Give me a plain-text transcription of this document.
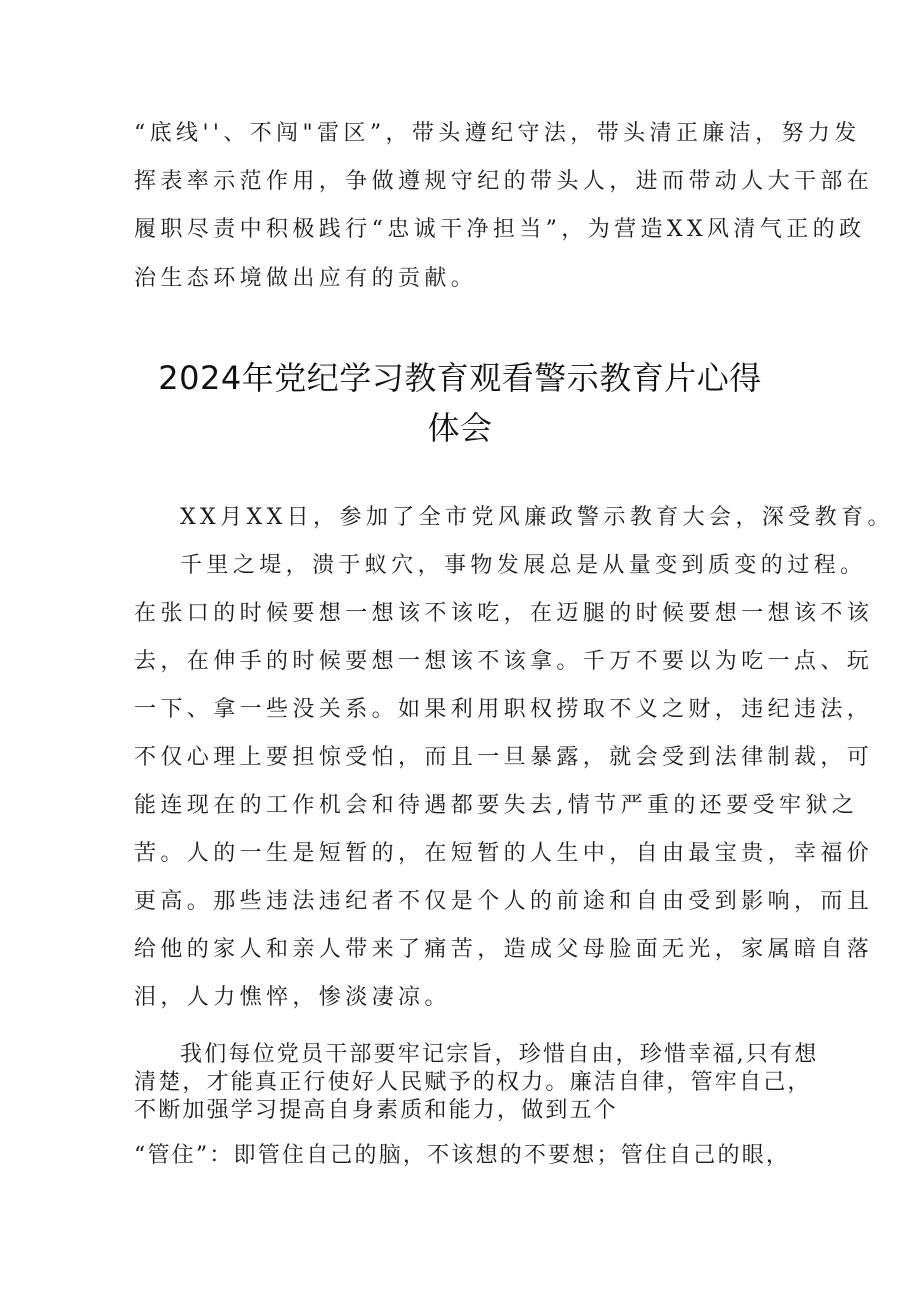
“底线''、不闯"雷区”，带头遵纪守法，带头清正廉洁，努力发
挥表率示范作用，争做遵规守纪的带头人，进而带动人大干部在
履职尽责中积极践行“忠诚干净担当”，为营造XX风清气正的政
治生态环境做出应有的贡献。
2024年党纪学习教育观看警示教育片心得
体会
XX月XX日，参加了全市党风廉政警示教育大会，深受教育。
千里之堤，溃于蚁穴，事物发展总是从量变到质变的过程。
在张口的时候要想一想该不该吃，在迈腿的时候要想一想该不该
去，在伸手的时候要想一想该不该拿。千万不要以为吃一点、玩
一下、拿一些没关系。如果利用职权捞取不义之财，违纪违法，
不仅心理上要担惊受怕，而且一旦暴露，就会受到法律制裁，可
能连现在的工作机会和待遇都要失去,情节严重的还要受牢狱之
苦。人的一生是短暂的，在短暂的人生中，自由最宝贵，幸福价
更高。那些违法违纪者不仅是个人的前途和自由受到影响，而且
给他的家人和亲人带来了痛苦，造成父母脸面无光，家属暗自落
泪，人力憔悴，惨淡凄凉。
我们每位党员干部要牢记宗旨，珍惜自由，珍惜幸福,只有想
清楚，才能真正行使好人民赋予的权力。廉洁自律，管牢自己，
不断加强学习提高自身素质和能力，做到五个
“管住”：即管住自己的脑，不该想的不要想；管住自己的眼，
